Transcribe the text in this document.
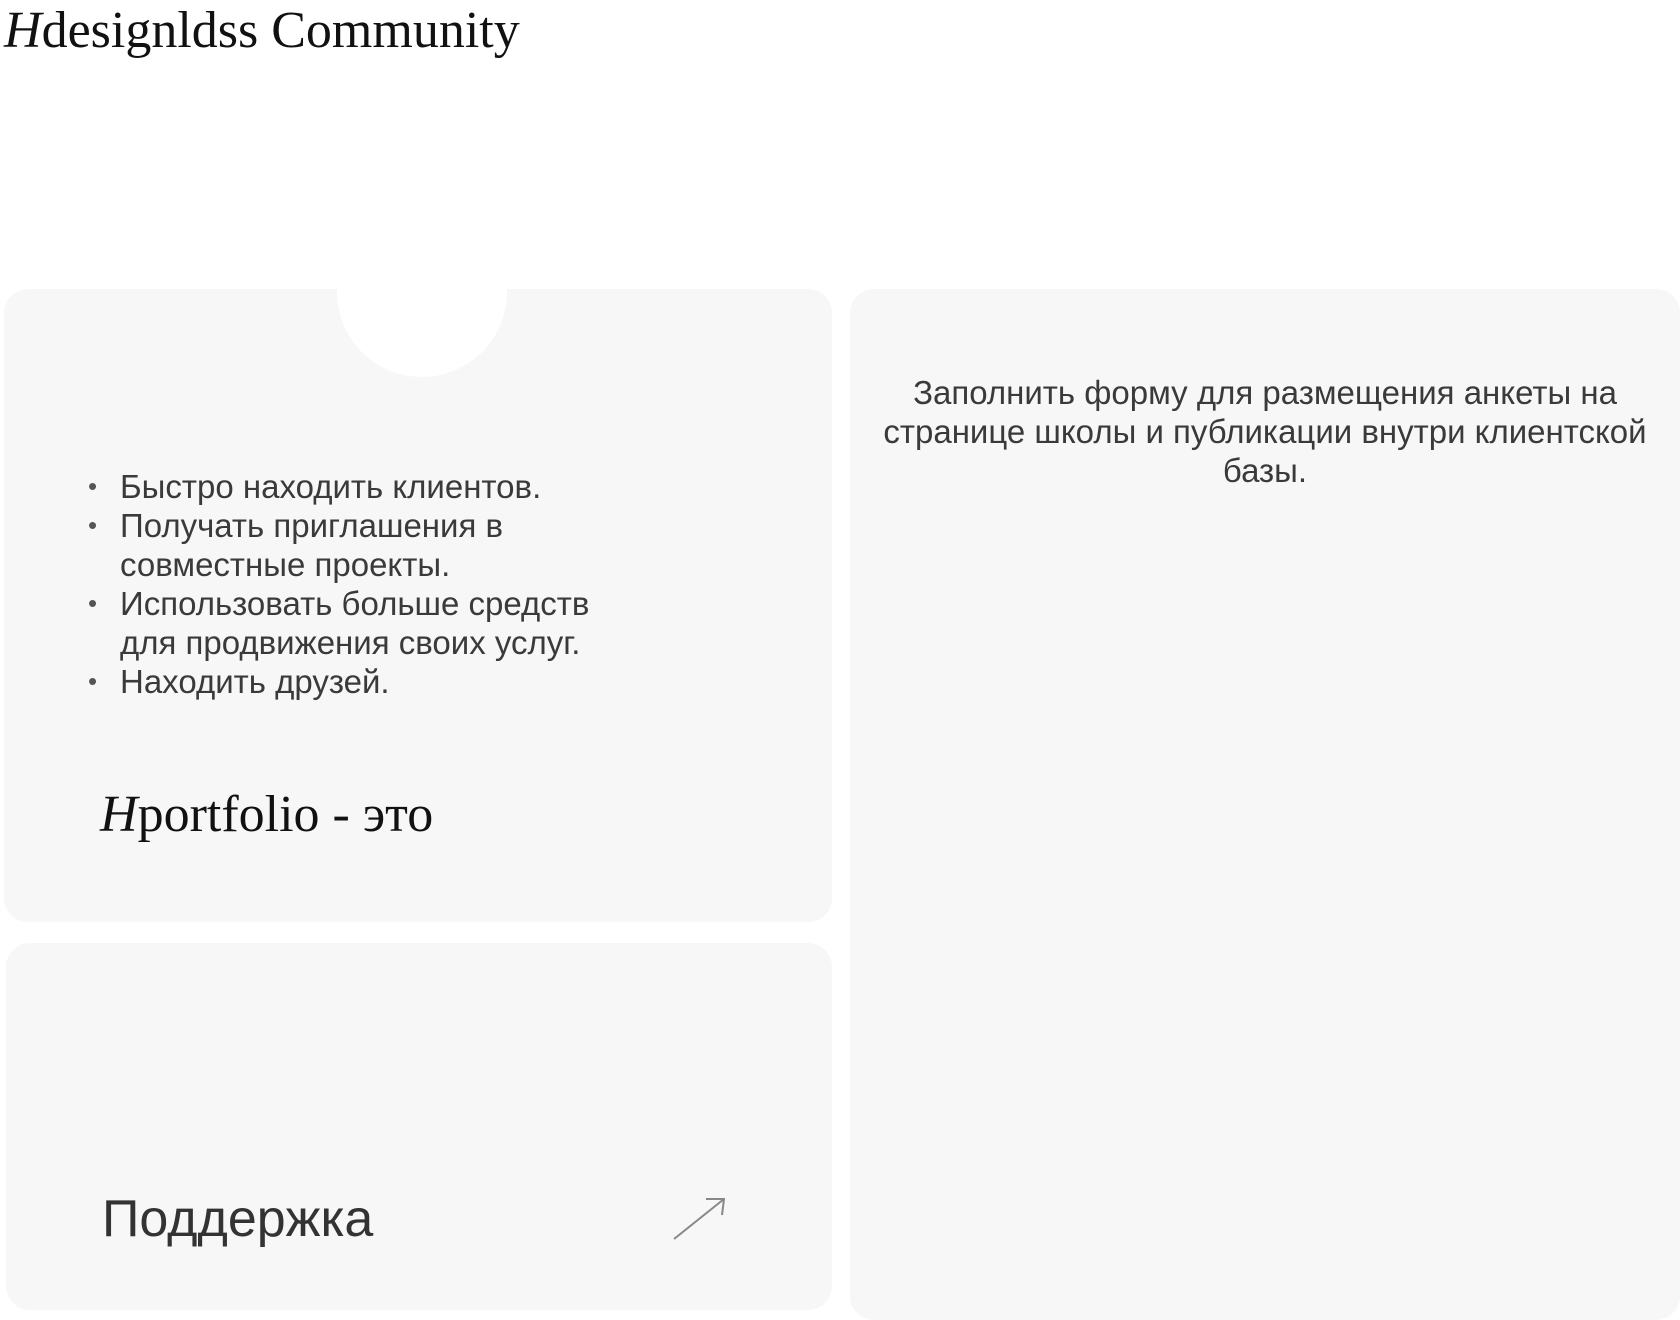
Hdesignldss Community
• Быстро находить клиентов.
• Получать приглашения в совместные проекты.
• Использовать больше средств для продвижения своих услуг.
• Находить друзей.
Hportfolio - это
Поддержка
Заполнить форму для размещения анкеты на странице школы и публикации внутри клиентской базы.
